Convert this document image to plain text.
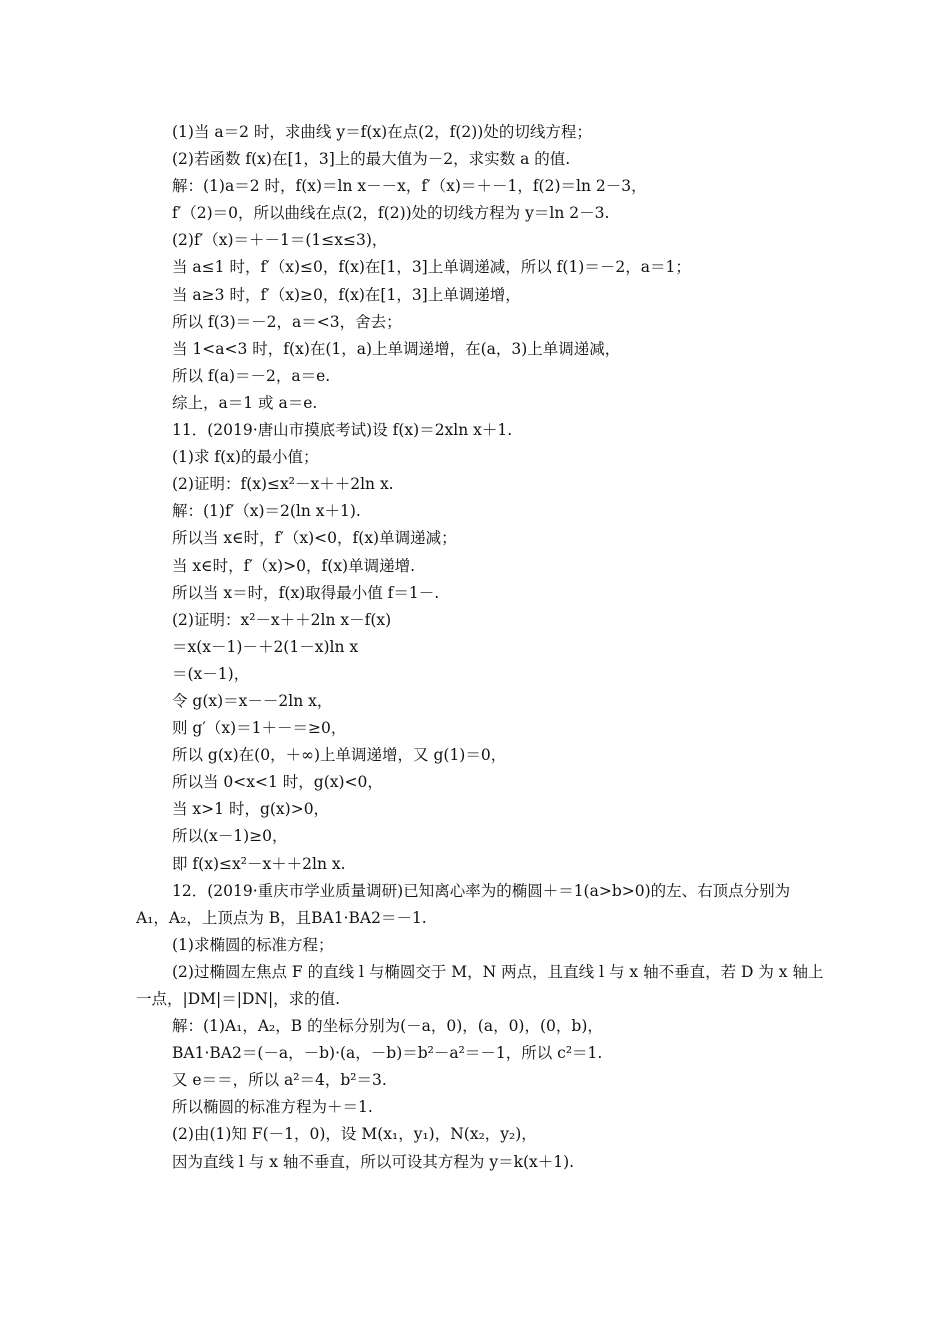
(1)当 a＝2 时，求曲线 y＝f(x)在点(2，f(2))处的切线方程；
(2)若函数 f(x)在[1，3]上的最大值为－2，求实数 a 的值.
解：(1)a＝2 时，f(x)＝ln x－－x，f′（x)＝＋－1，f(2)＝ln 2－3，
f′（2)＝0，所以曲线在点(2，f(2))处的切线方程为 y＝ln 2－3.
(2)f′（x)＝＋－1＝(1≤x≤3)，
当 a≤1 时，f′（x)≤0，f(x)在[1，3]上单调递减，所以 f(1)＝－2，a＝1；
当 a≥3 时，f′（x)≥0，f(x)在[1，3]上单调递增，
所以 f(3)＝－2，a＝<3，舍去；
当 1<a<3 时，f(x)在(1，a)上单调递增，在(a，3)上单调递减，
所以 f(a)＝－2，a＝e.
综上，a＝1 或 a＝e.
11．(2019·唐山市摸底考试)设 f(x)＝2xln x＋1.
(1)求 f(x)的最小值；
(2)证明：f(x)≤x²－x＋＋2ln x.
解：(1)f′（x)＝2(ln x＋1).
所以当 x∈时，f′（x)<0，f(x)单调递减；
当 x∈时，f′（x)>0，f(x)单调递增.
所以当 x＝时，f(x)取得最小值 f＝1－.
(2)证明：x²－x＋＋2ln x－f(x)
＝x(x－1)－＋2(1－x)ln x
＝(x－1)，
令 g(x)＝x－－2ln x，
则 g′（x)＝1＋－＝≥0，
所以 g(x)在(0，＋∞)上单调递增，又 g(1)＝0，
所以当 0<x<1 时，g(x)<0，
当 x>1 时，g(x)>0，
所以(x－1)≥0，
即 f(x)≤x²－x＋＋2ln x.
12．(2019·重庆市学业质量调研)已知离心率为的椭圆＋＝1(a>b>0)的左、右顶点分别为 A₁，A₂，上顶点为 B，且BA1·BA2＝－1.
(1)求椭圆的标准方程；
(2)过椭圆左焦点 F 的直线 l 与椭圆交于 M，N 两点，且直线 l 与 x 轴不垂直，若 D 为 x 轴上一点，|DM|＝|DN|，求的值.
解：(1)A₁，A₂，B 的坐标分别为(－a，0)，(a，0)，(0，b)，
BA1·BA2＝(－a，－b)·(a，－b)＝b²－a²＝－1，所以 c²＝1.
又 e＝＝，所以 a²＝4，b²＝3.
所以椭圆的标准方程为＋＝1.
(2)由(1)知 F(－1，0)，设 M(x₁，y₁)，N(x₂，y₂)，
因为直线 l 与 x 轴不垂直，所以可设其方程为 y＝k(x＋1).
